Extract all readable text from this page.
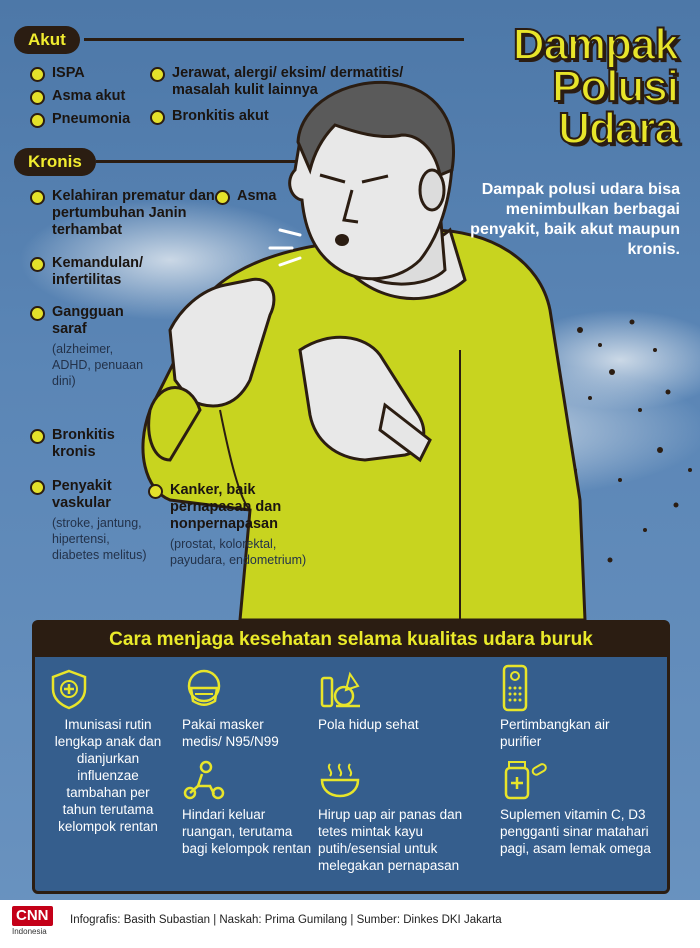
Akut
ISPA
Asma akut
Pneumonia
Jerawat, alergi/ eksim/ dermatitis/ masalah kulit lainnya
Bronkitis akut
Kronis
Kelahiran prematur dan pertumbuhan Janin terhambat
Asma
Kemandulan/ infertilitas
Gangguan saraf
(alzheimer, ADHD, penuaan dini)
Bronkitis kronis
Penyakit vaskular
(stroke, jantung, hipertensi, diabetes melitus)
Kanker, baik pernapasan dan nonpernapasan
(prostat, kolorektal, payudara, endometrium)
Dampak
Polusi
Udara
Dampak polusi udara bisa menimbulkan berbagai penyakit, baik akut maupun kronis.
Cara menjaga kesehatan selama kualitas udara buruk
Imunisasi rutin lengkap anak dan dianjurkan influenzae tambahan per tahun terutama kelompok rentan
Pakai masker medis/ N95/N99
Pola hidup sehat	Pertimbangkan air purifier
Hindari keluar ruangan, terutama bagi kelompok rentan
Hirup uap air panas dan tetes mintak kayu putih/esensial untuk melegakan pernapasan
Suplemen vitamin C, D3 pengganti sinar matahari pagi, asam lemak omega
CNN
Indonesia
Infografis: Basith Subastian | Naskah: Prima Gumilang | Sumber: Dinkes DKI Jakarta
